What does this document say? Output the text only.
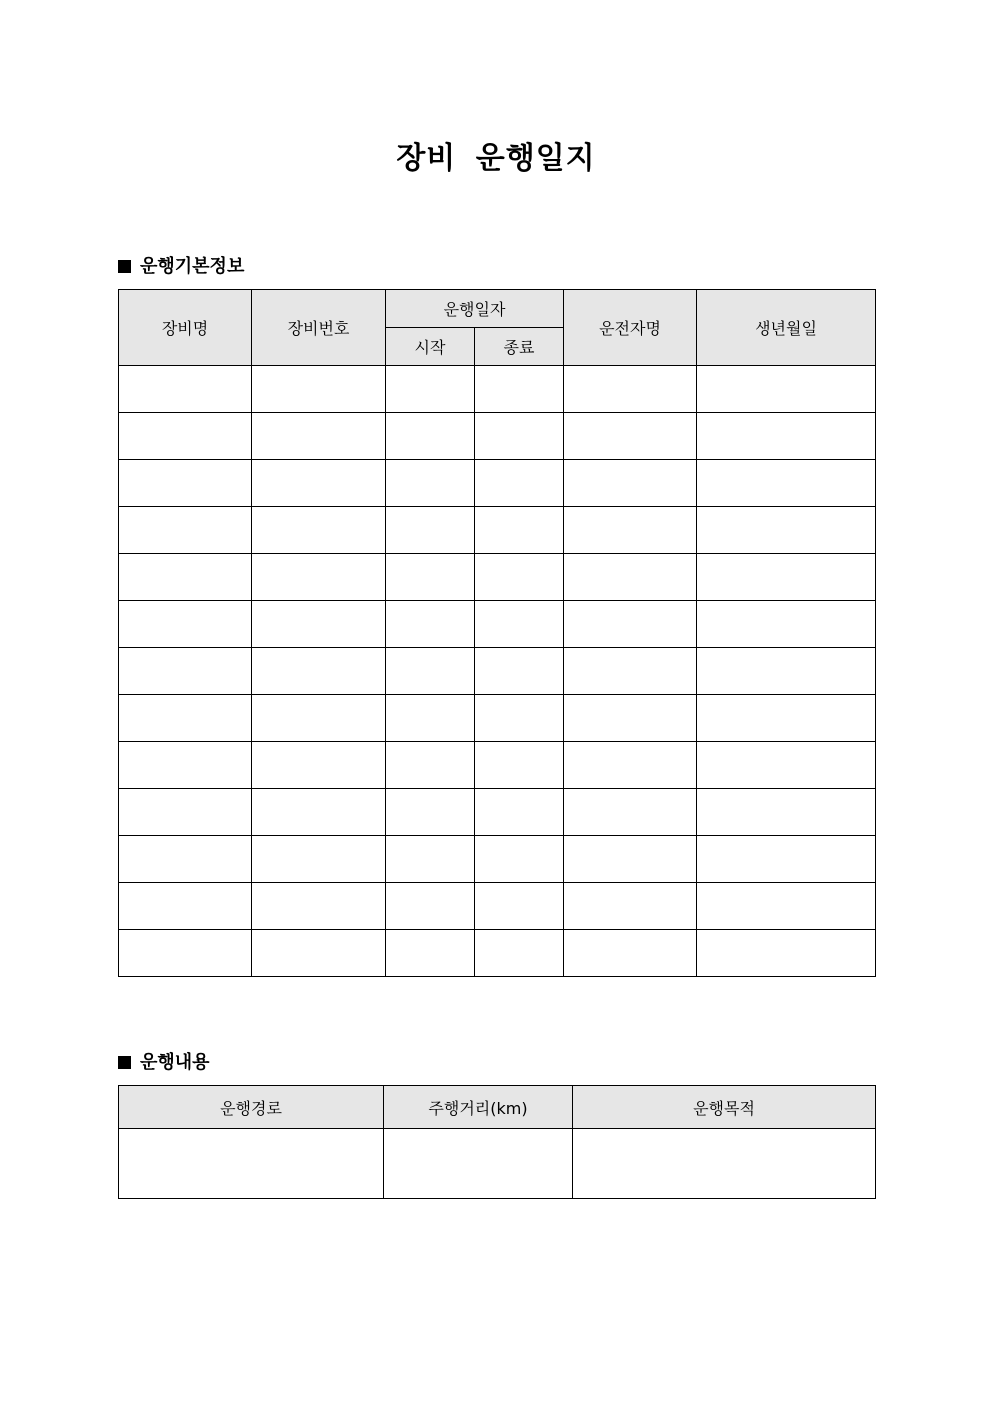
장비 운행일지
운행기본정보
장비명	장비번호	운행일자		운전자명	생년월일
		시작	종료		

운행내용
운행경로	주행거리(km)	운행목적
